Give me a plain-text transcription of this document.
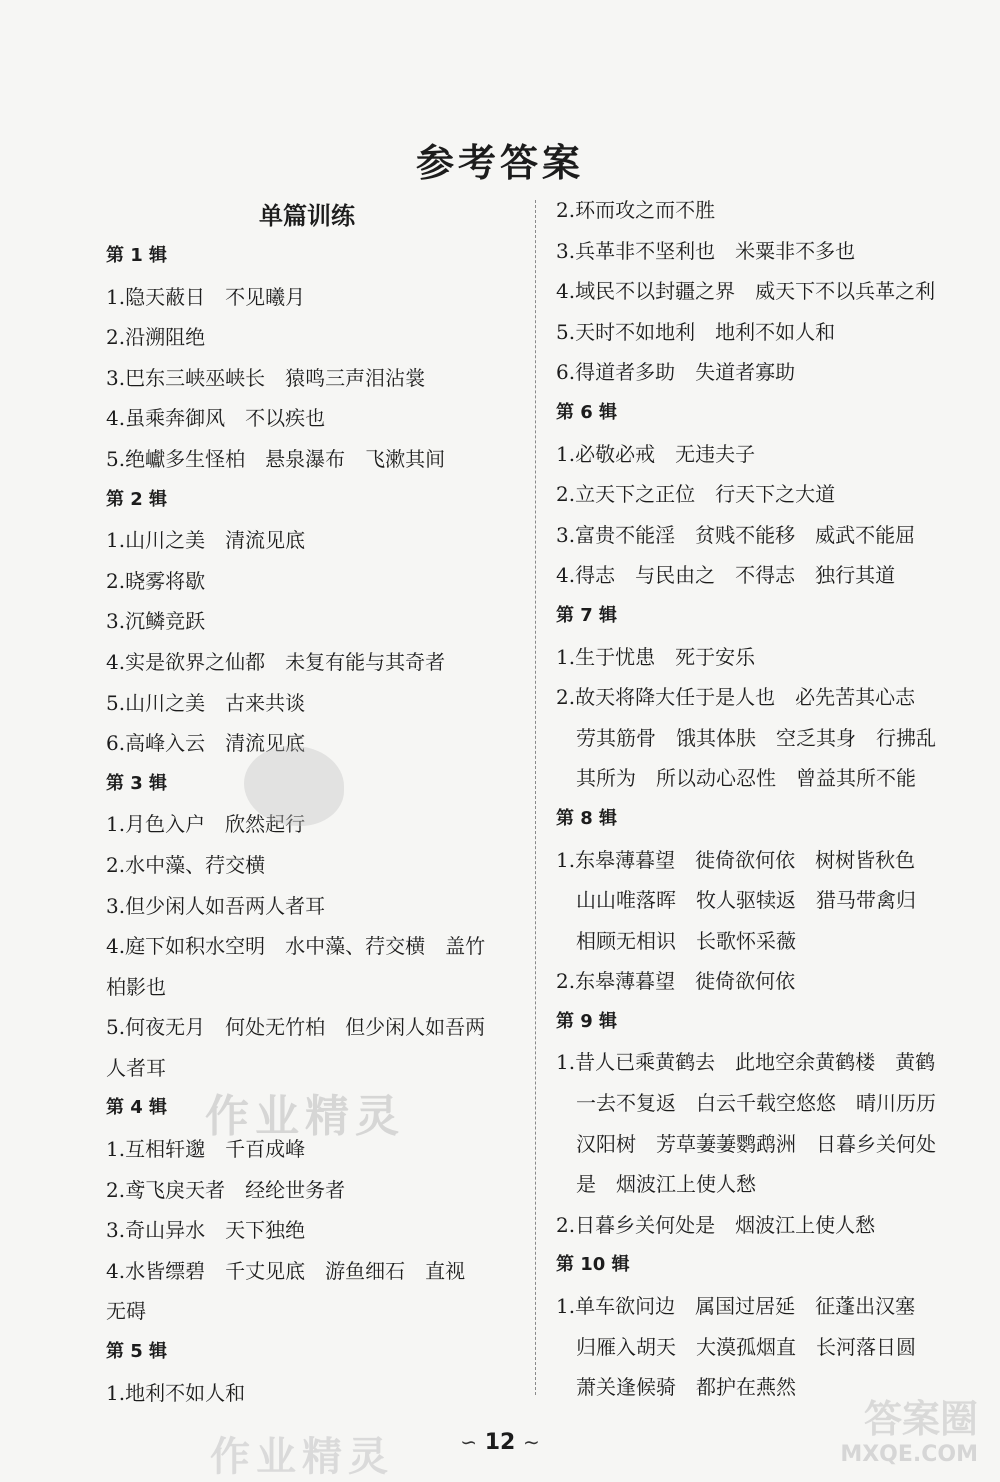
参考答案
单篇训练
第 1 辑
1.隐天蔽日　不见曦月
2.沿溯阻绝
3.巴东三峡巫峡长　猿鸣三声泪沾裳
4.虽乘奔御风　不以疾也
5.绝巘多生怪柏　悬泉瀑布　飞漱其间
第 2 辑
1.山川之美　清流见底
2.晓雾将歇
3.沉鳞竞跃
4.实是欲界之仙都　未复有能与其奇者
5.山川之美　古来共谈
6.高峰入云　清流见底
第 3 辑
1.月色入户　欣然起行
2.水中藻、荇交横
3.但少闲人如吾两人者耳
4.庭下如积水空明　水中藻、荇交横　盖竹
柏影也
5.何夜无月　何处无竹柏　但少闲人如吾两
人者耳
第 4 辑
1.互相轩邈　千百成峰
2.鸢飞戾天者　经纶世务者
3.奇山异水　天下独绝
4.水皆缥碧　千丈见底　游鱼细石　直视
无碍
第 5 辑
1.地利不如人和
2.环而攻之而不胜
3.兵革非不坚利也　米粟非不多也
4.域民不以封疆之界　威天下不以兵革之利
5.天时不如地利　地利不如人和
6.得道者多助　失道者寡助
第 6 辑
1.必敬必戒　无违夫子
2.立天下之正位　行天下之大道
3.富贵不能淫　贫贱不能移　威武不能屈
4.得志　与民由之　不得志　独行其道
第 7 辑
1.生于忧患　死于安乐
2.故天将降大任于是人也　必先苦其心志
　劳其筋骨　饿其体肤　空乏其身　行拂乱
　其所为　所以动心忍性　曾益其所不能
第 8 辑
1.东皋薄暮望　徙倚欲何依　树树皆秋色
　山山唯落晖　牧人驱犊返　猎马带禽归
　相顾无相识　长歌怀采薇
2.东皋薄暮望　徙倚欲何依
第 9 辑
1.昔人已乘黄鹤去　此地空余黄鹤楼　黄鹤
　一去不复返　白云千载空悠悠　晴川历历
　汉阳树　芳草萋萋鹦鹉洲　日暮乡关何处
　是　烟波江上使人愁
2.日暮乡关何处是　烟波江上使人愁
第 10 辑
1.单车欲问边　属国过居延　征蓬出汉塞
　归雁入胡天　大漠孤烟直　长河落日圆
　萧关逢候骑　都护在燕然
作业精灵
作业精灵
答案圈
MXQE.COM
∽ 12 ∼
